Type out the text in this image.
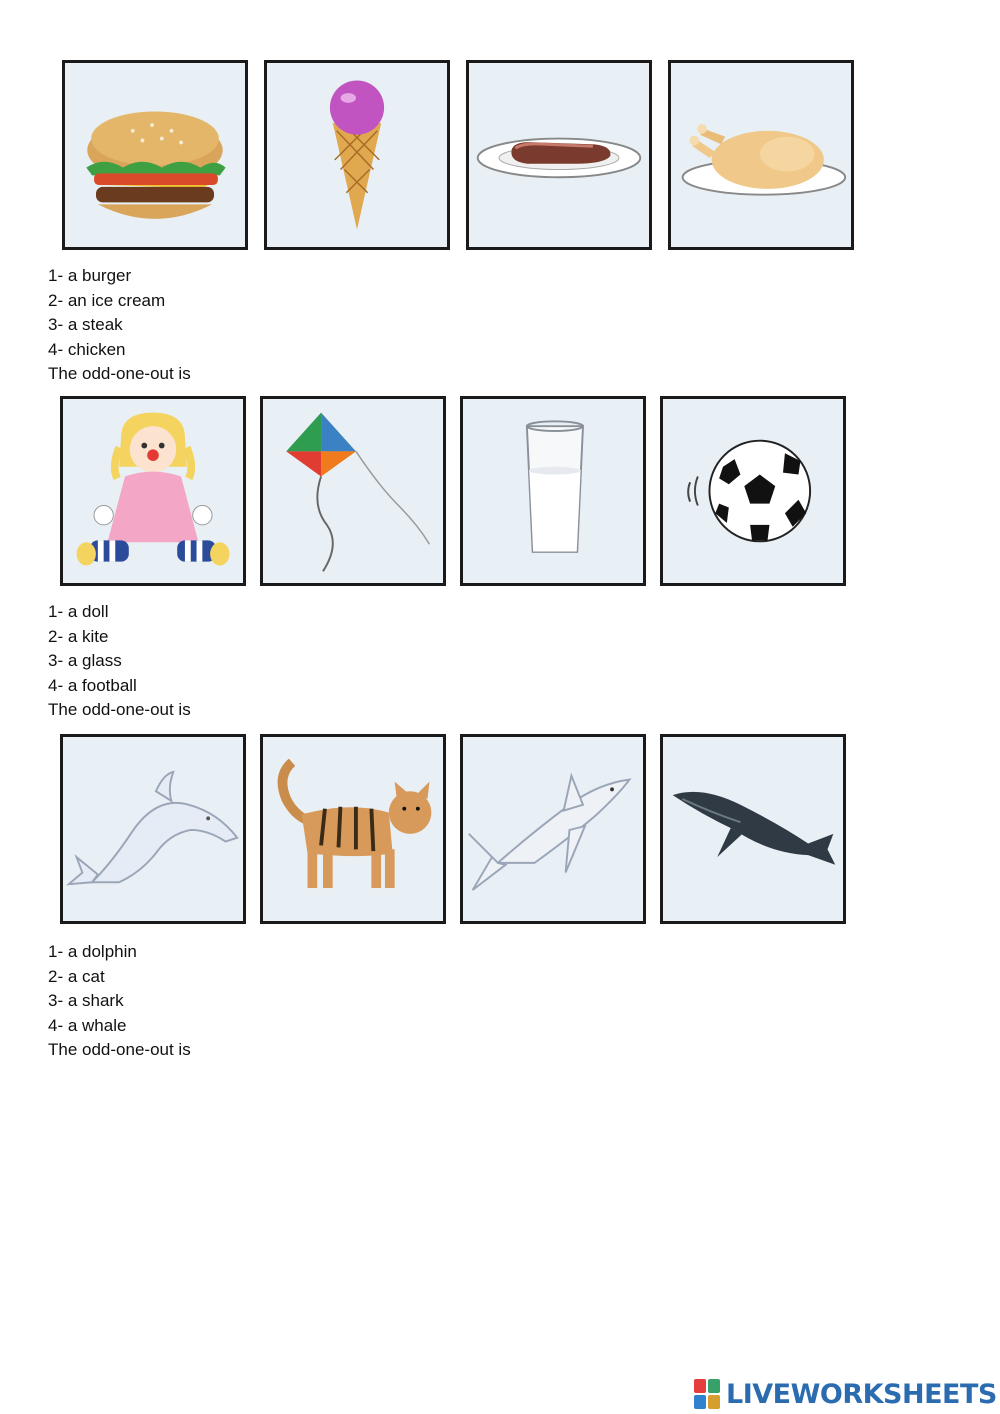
1- a burger
2- an ice cream
3- a steak
4- chicken
The odd-one-out is
1- a doll
2- a kite
3- a glass
4- a football
The odd-one-out is
1- a dolphin
2- a cat
3- a shark
4- a whale
The odd-one-out is
LIVEWORKSHEETS
